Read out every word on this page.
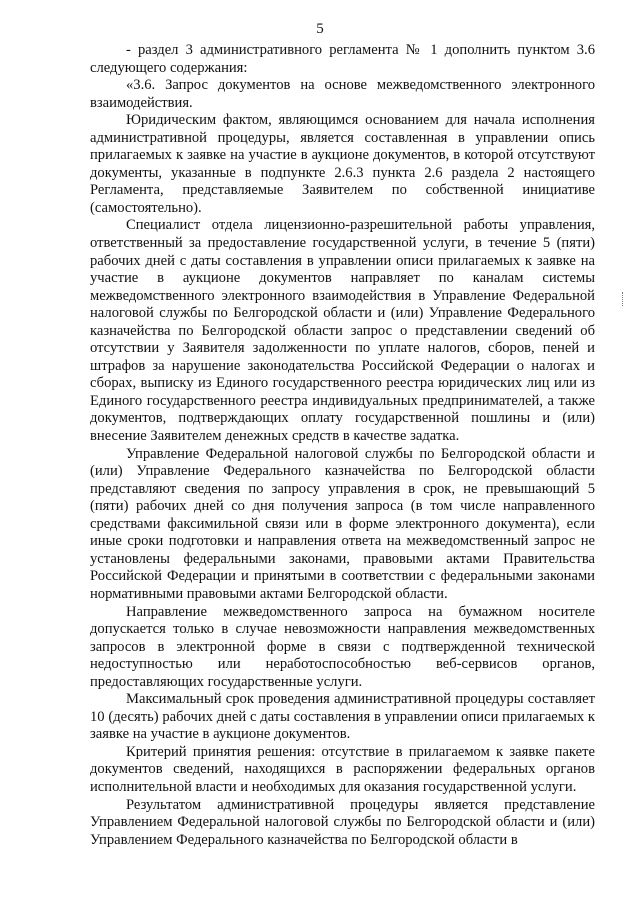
5

- раздел 3 административного регламента № 1 дополнить пунктом 3.6 следующего содержания:

«3.6. Запрос документов на основе межведомственного электронного взаимодействия.

Юридическим фактом, являющимся основанием для начала исполнения административной процедуры, является составленная в управлении опись прилагаемых к заявке на участие в аукционе документов, в которой отсутствуют документы, указанные в подпункте 2.6.3 пункта 2.6 раздела 2 настоящего Регламента, представляемые Заявителем по собственной инициативе (самостоятельно).

Специалист отдела лицензионно-разрешительной работы управления, ответственный за предоставление государственной услуги, в течение 5 (пяти) рабочих дней с даты составления в управлении описи прилагаемых к заявке на участие в аукционе документов направляет по каналам системы межведомственного электронного взаимодействия в Управление Федеральной налоговой службы по Белгородской области и (или) Управление Федерального казначейства по Белгородской области запрос о представлении сведений об отсутствии у Заявителя задолженности по уплате налогов, сборов, пеней и штрафов за нарушение законодательства Российской Федерации о налогах и сборах, выписку из Единого государственного реестра юридических лиц или из Единого государственного реестра индивидуальных предпринимателей, а также документов, подтверждающих оплату государственной пошлины и (или) внесение Заявителем денежных средств в качестве задатка.

Управление Федеральной налоговой службы по Белгородской области и (или) Управление Федерального казначейства по Белгородской области представляют сведения по запросу управления в срок, не превышающий 5 (пяти) рабочих дней со дня получения запроса (в том числе направленного средствами факсимильной связи или в форме электронного документа), если иные сроки подготовки и направления ответа на межведомственный запрос не установлены федеральными законами, правовыми актами Правительства Российской Федерации и принятыми в соответствии с федеральными законами нормативными правовыми актами Белгородской области.

Направление межведомственного запроса на бумажном носителе допускается только в случае невозможности направления межведомственных запросов в электронной форме в связи с подтвержденной технической недоступностью или неработоспособностью веб-сервисов органов, предоставляющих государственные услуги.

Максимальный срок проведения административной процедуры составляет 10 (десять) рабочих дней с даты составления в управлении описи прилагаемых к заявке на участие в аукционе документов.

Критерий принятия решения: отсутствие в прилагаемом к заявке пакете документов сведений, находящихся в распоряжении федеральных органов исполнительной власти и необходимых для оказания государственной услуги.

Результатом административной процедуры является представление Управлением Федеральной налоговой службы по Белгородской области и (или) Управлением Федерального казначейства по Белгородской области в
